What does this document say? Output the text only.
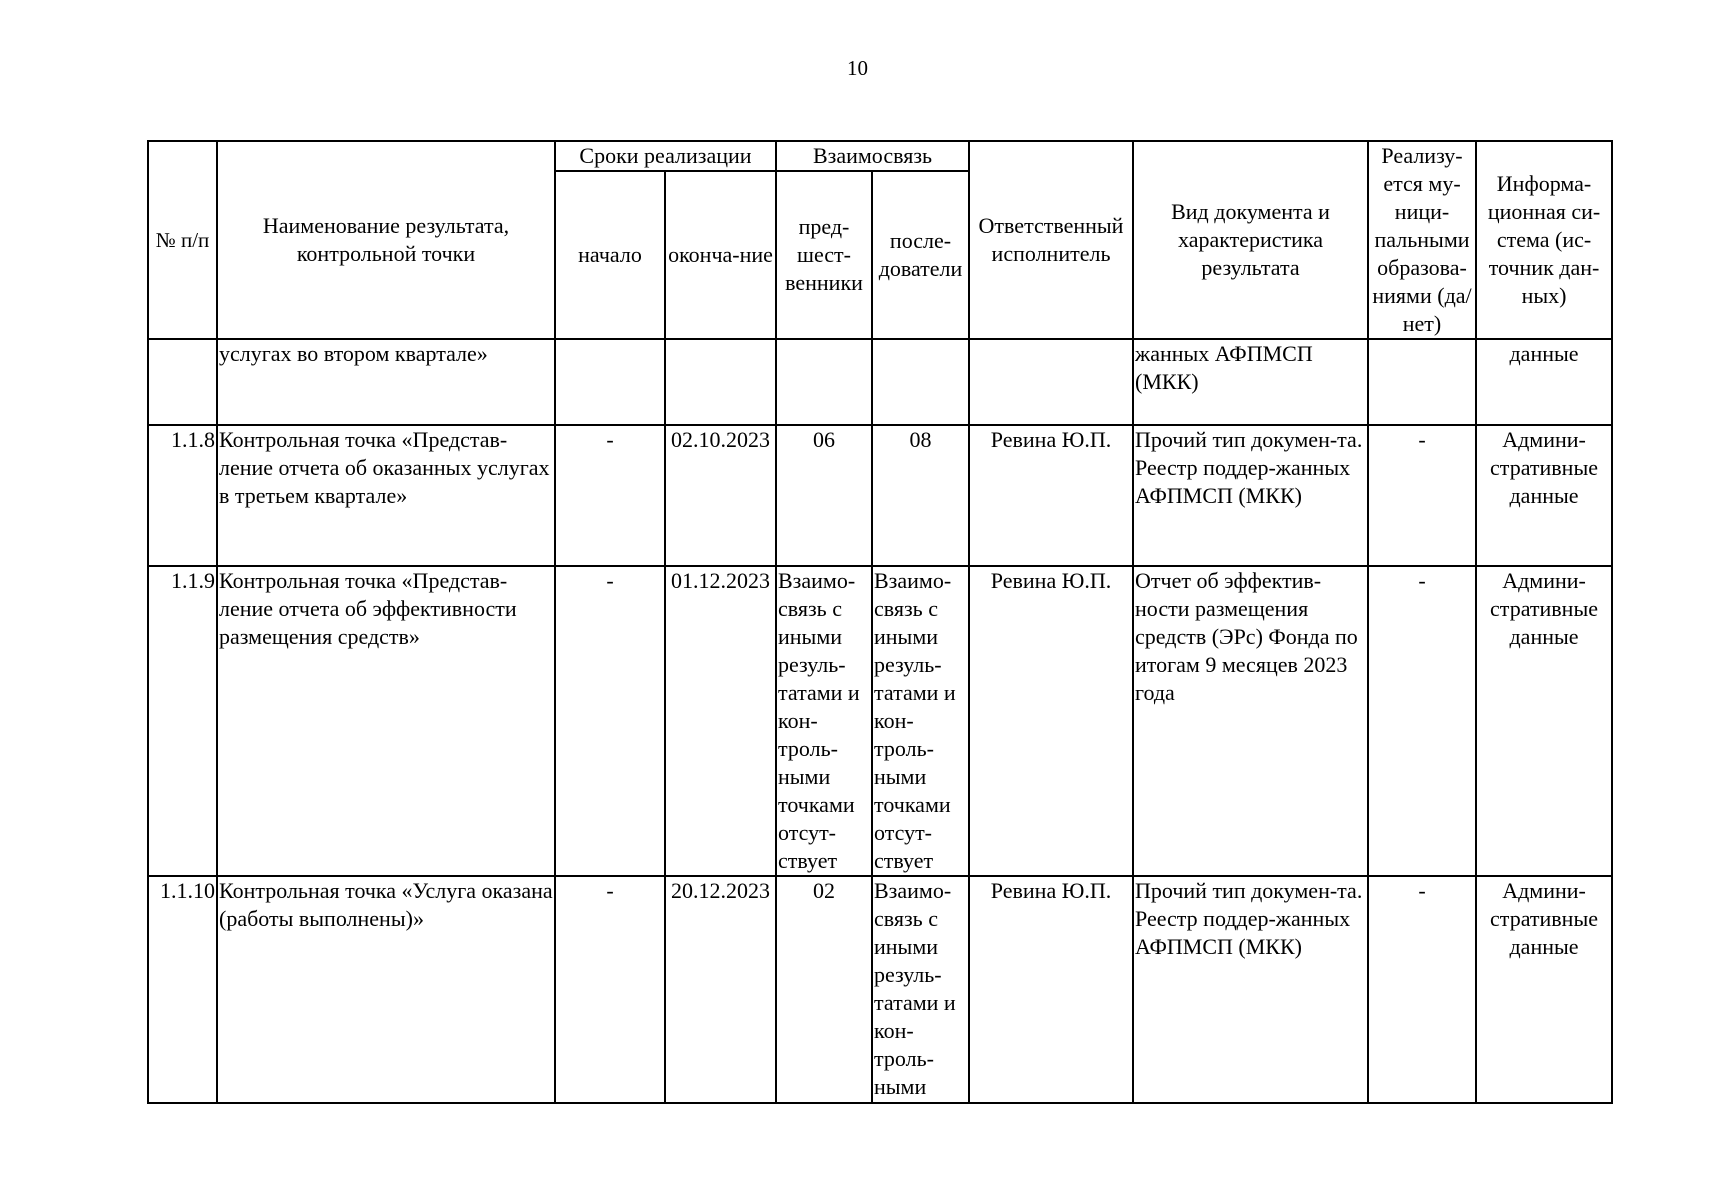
10
№ п/п	Наименование результата, контрольной точки	Сроки реализации		Взаимосвязь		Ответственный исполнитель	Вид документа и характеристика результата	Реализу-ется му-ници-пальными образова-ниями (да/нет)	Информа-ционная си-стема (ис-точник дан-ных)
		начало	оконча-ние	пред-шест-венники	после-дователи				
	услугах во втором квартале»						жанных АФПМСП (МКК)		данные
1.1.8	Контрольная точка «Представ-ление отчета об оказанных услугах в третьем квартале»	-	02.10.2023	06	08	Ревина Ю.П.	Прочий тип докумен-та. Реестр поддер-жанных АФПМСП (МКК)	-	Админи-стративные данные
1.1.9	Контрольная точка «Представ-ление отчета об эффективности размещения средств»	-	01.12.2023	Взаимо-связь с иными резуль-татами и кон-троль-ными точками отсут-ствует	Взаимо-связь с иными резуль-татами и кон-троль-ными точками отсут-ствует	Ревина Ю.П.	Отчет об эффектив-ности размещения средств (ЭРс) Фонда по итогам 9 месяцев 2023 года	-	Админи-стративные данные
1.1.10	Контрольная точка «Услуга оказана (работы выполнены)»	-	20.12.2023	02	Взаимо-связь с иными резуль-татами и кон-троль-ными	Ревина Ю.П.	Прочий тип докумен-та. Реестр поддер-жанных АФПМСП (МКК)	-	Админи-стративные данные
